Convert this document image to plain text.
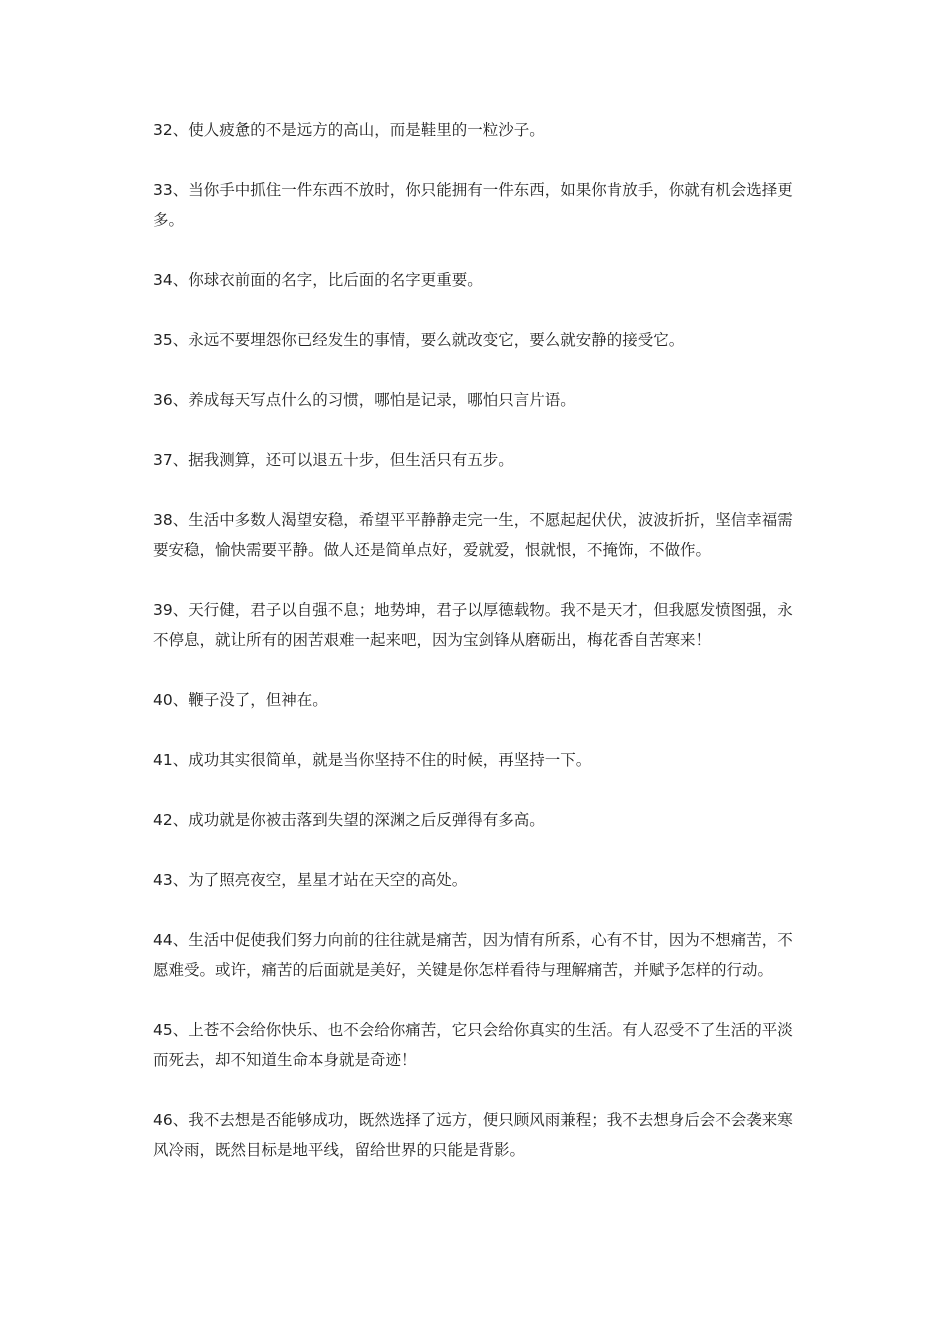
32、使人疲惫的不是远方的高山，而是鞋里的一粒沙子。

33、当你手中抓住一件东西不放时，你只能拥有一件东西，如果你肯放手，你就有机会选择更多。

34、你球衣前面的名字，比后面的名字更重要。

35、永远不要埋怨你已经发生的事情，要么就改变它，要么就安静的接受它。

36、养成每天写点什么的习惯，哪怕是记录，哪怕只言片语。

37、据我测算，还可以退五十步，但生活只有五步。

38、生活中多数人渴望安稳，希望平平静静走完一生，不愿起起伏伏，波波折折，坚信幸福需要安稳，愉快需要平静。做人还是简单点好，爱就爱，恨就恨，不掩饰，不做作。

39、天行健，君子以自强不息；地势坤，君子以厚德载物。我不是天才，但我愿发愤图强，永不停息，就让所有的困苦艰难一起来吧，因为宝剑锋从磨砺出，梅花香自苦寒来！

40、鞭子没了，但神在。

41、成功其实很简单，就是当你坚持不住的时候，再坚持一下。

42、成功就是你被击落到失望的深渊之后反弹得有多高。

43、为了照亮夜空，星星才站在天空的高处。

44、生活中促使我们努力向前的往往就是痛苦，因为情有所系，心有不甘，因为不想痛苦，不愿难受。或许，痛苦的后面就是美好，关键是你怎样看待与理解痛苦，并赋予怎样的行动。

45、上苍不会给你快乐、也不会给你痛苦，它只会给你真实的生活。有人忍受不了生活的平淡而死去，却不知道生命本身就是奇迹！

46、我不去想是否能够成功，既然选择了远方，便只顾风雨兼程；我不去想身后会不会袭来寒风冷雨，既然目标是地平线，留给世界的只能是背影。
